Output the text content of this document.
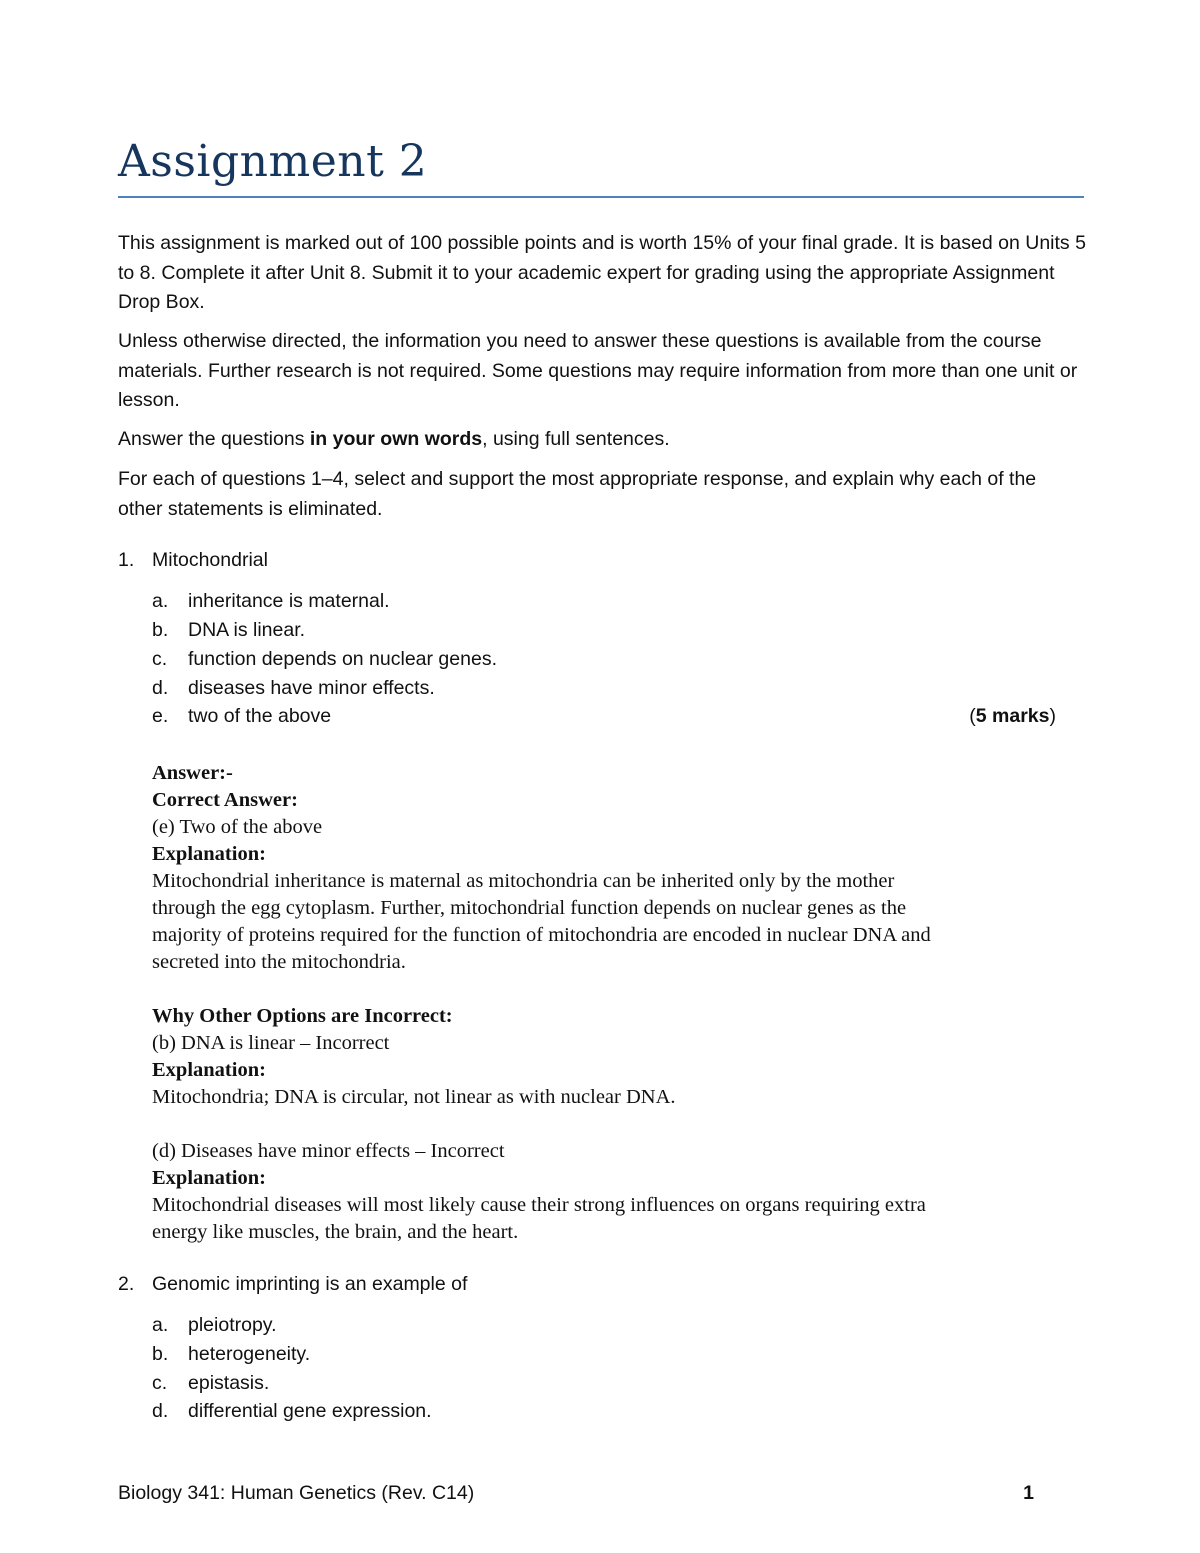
Assignment 2

This assignment is marked out of 100 possible points and is worth 15% of your final grade. It is based on Units 5 to 8. Complete it after Unit 8. Submit it to your academic expert for grading using the appropriate Assignment Drop Box.

Unless otherwise directed, the information you need to answer these questions is available from the course materials. Further research is not required. Some questions may require information from more than one unit or lesson.

Answer the questions in your own words, using full sentences.

For each of questions 1–4, select and support the most appropriate response, and explain why each of the other statements is eliminated.

1. Mitochondrial
a. inheritance is maternal.
b. DNA is linear.
c. function depends on nuclear genes.
d. diseases have minor effects.
e. two of the above	(5 marks)
Answer:-
Correct Answer:
(e) Two of the above
Explanation:
Mitochondrial inheritance is maternal as mitochondria can be inherited only by the mother
through the egg cytoplasm. Further, mitochondrial function depends on nuclear genes as the
majority of proteins required for the function of mitochondria are encoded in nuclear DNA and
secreted into the mitochondria.
Why Other Options are Incorrect:
(b) DNA is linear – Incorrect
Explanation:
Mitochondria; DNA is circular, not linear as with nuclear DNA.
(d) Diseases have minor effects – Incorrect
Explanation:
Mitochondrial diseases will most likely cause their strong influences on organs requiring extra
energy like muscles, the brain, and the heart.
2. Genomic imprinting is an example of
a. pleiotropy.
b. heterogeneity.
c. epistasis.
d. differential gene expression.
Biology 341: Human Genetics (Rev. C14)	1
